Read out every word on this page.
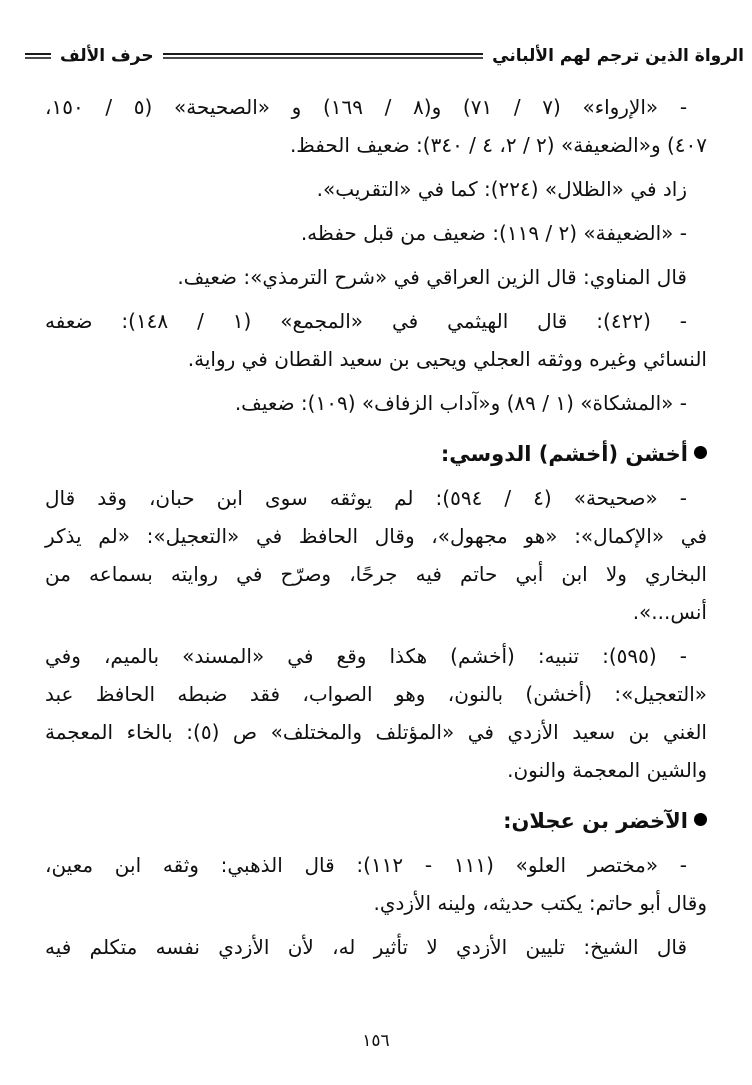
الرواة الذين ترجم لهم الألباني
حرف الألف
- «الإرواء» (٧ / ٧١) و(٨ / ١٦٩) و «الصحيحة» (٥ / ١٥٠،
٤٠٧) و«الضعيفة» (٢ / ٢، ٤ / ٣٤٠): ضعيف الحفظ.
زاد في «الظلال» (٢٢٤): كما في «التقريب».
- «الضعيفة» (٢ / ١١٩): ضعيف من قبل حفظه.
قال المناوي: قال الزين العراقي في «شرح الترمذي»: ضعيف.
- (٤٢٢): قال الهيثمي في «المجمع» (١ / ١٤٨): ضعفه
النسائي وغيره ووثقه العجلي ويحيى بن سعيد القطان في رواية.
- «المشكاة» (١ / ٨٩) و«آداب الزفاف» (١٠٩): ضعيف.
أخشن (أخشم) الدوسي:
- «صحيحة» (٤ / ٥٩٤): لم يوثقه سوى ابن حبان، وقد قال
في «الإكمال»: «هو مجهول»، وقال الحافظ في «التعجيل»: «لم يذكر
البخاري ولا ابن أبي حاتم فيه جرحًا، وصرّح في روايته بسماعه من
أنس...».
- (٥٩٥): تنبيه: (أخشم) هكذا وقع في «المسند» بالميم، وفي
«التعجيل»: (أخشن) بالنون، وهو الصواب، فقد ضبطه الحافظ عبد
الغني بن سعيد الأزدي في «المؤتلف والمختلف» ص (٥): بالخاء المعجمة
والشين المعجمة والنون.
الآخضر بن عجلان:
- «مختصر العلو» (١١١ - ١١٢): قال الذهبي: وثقه ابن معين،
وقال أبو حاتم: يكتب حديثه، ولينه الأزدي.
قال الشيخ: تليين الأزدي لا تأثير له، لأن الأزدي نفسه متكلم فيه
١٥٦
